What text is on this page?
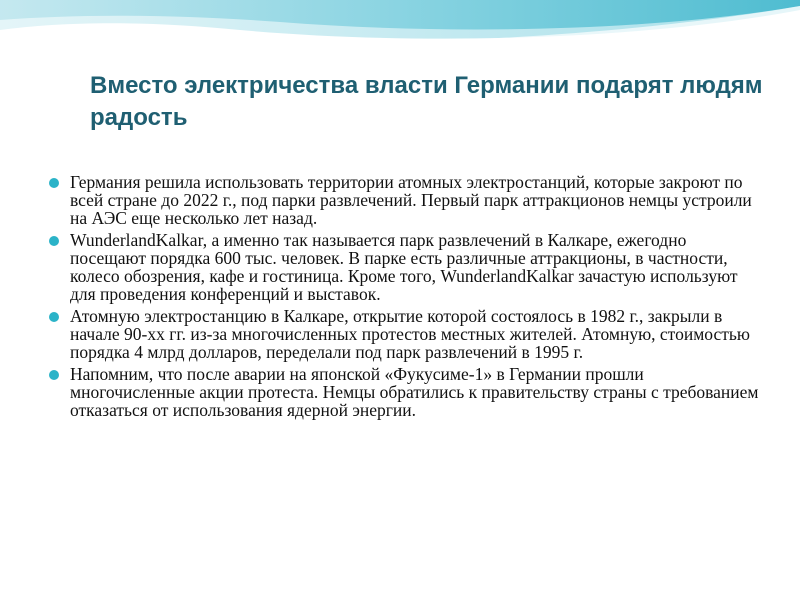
Вместо электричества власти Германии подарят людям радость
Германия решила использовать территории атомных электростанций, которые закроют по всей стране до 2022 г., под парки развлечений. Первый парк аттракционов немцы устроили на АЭС еще несколько лет назад.
WunderlandKalkar, а именно так называется парк развлечений в Калкаре, ежегодно посещают порядка 600 тыс. человек. В парке есть различные аттракционы, в частности, колесо обозрения, кафе и гостиница. Кроме того, WunderlandKalkar зачастую используют для проведения конференций и выставок.
Атомную электростанцию в Калкаре, открытие которой состоялось в 1982 г., закрыли в начале 90-хх гг. из-за многочисленных протестов местных жителей. Атомную, стоимостью порядка 4 млрд долларов, переделали под парк развлечений в 1995 г.
Напомним, что после аварии на японской «Фукусиме-1» в Германии прошли многочисленные акции протеста. Немцы обратились к правительству страны с требованием отказаться от использования ядерной энергии.
